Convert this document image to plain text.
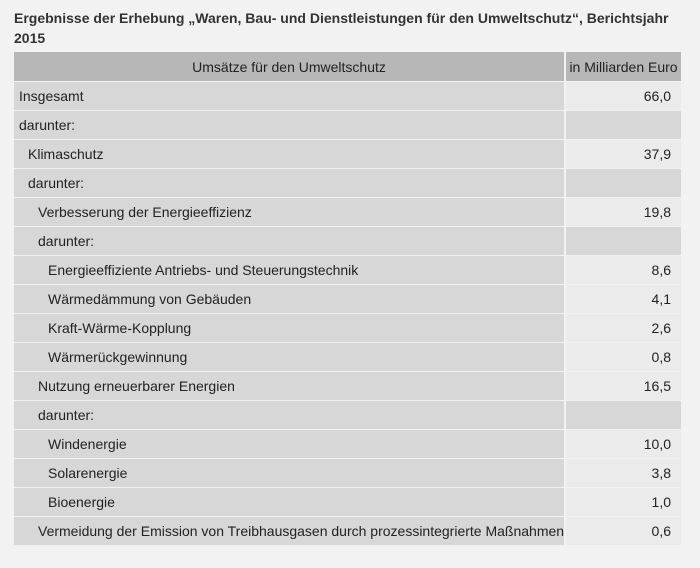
Ergebnisse der Erhebung „Waren, Bau- und Dienstleistungen für den Umweltschutz“, Berichtsjahr 2015
Umsätze für den Umweltschutz	in Milliarden Euro
Insgesamt	66,0
darunter:	
Klimaschutz	37,9
darunter:	
Verbesserung der Energieeffizienz	19,8
darunter:	
Energieeffiziente Antriebs- und Steuerungstechnik	8,6
Wärmedämmung von Gebäuden	4,1
Kraft-Wärme-Kopplung	2,6
Wärmerückgewinnung	0,8
Nutzung erneuerbarer Energien	16,5
darunter:	
Windenergie	10,0
Solarenergie	3,8
Bioenergie	1,0
Vermeidung der Emission von Treibhausgasen durch prozessintegrierte Maßnahmen	0,6
